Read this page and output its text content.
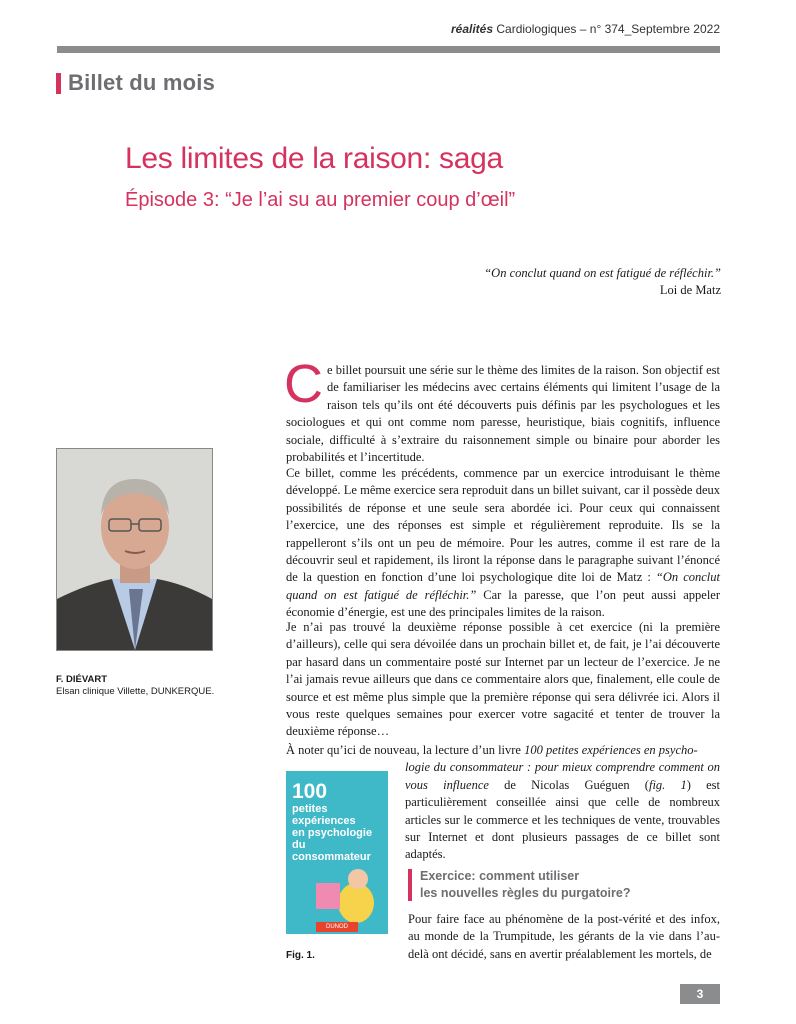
réalités Cardiologiques – n° 374_Septembre 2022
Billet du mois
Les limites de la raison: saga
Épisode 3: “Je l’ai su au premier coup d’œil”
“On conclut quand on est fatigué de réfléchir.”
Loi de Matz
F. DIÉVART
Elsan clinique Villette, DUNKERQUE.

Ce billet poursuit une série sur le thème des limites de la raison. Son objectif est de familiariser les médecins avec certains éléments qui limitent l’usage de la raison tels qu’ils ont été découverts puis définis par les psychologues et les sociologues et qui ont comme nom paresse, heuristique, biais cognitifs, influence sociale, difficulté à s’extraire du raisonnement simple ou binaire pour aborder les probabilités et l’incertitude.

Ce billet, comme les précédents, commence par un exercice introduisant le thème développé. Le même exercice sera reproduit dans un billet suivant, car il possède deux possibilités de réponse et une seule sera abordée ici. Pour ceux qui connaissent l’exercice, une des réponses est simple et régulièrement reproduite. Ils se la rappelleront s’ils ont un peu de mémoire. Pour les autres, comme il est rare de la découvrir seul et rapidement, ils liront la réponse dans le paragraphe suivant l’énoncé de la question en fonction d’une loi psychologique dite loi de Matz : “On conclut quand on est fatigué de réfléchir.” Car la paresse, que l’on peut aussi appeler économie d’énergie, est une des principales limites de la raison.

Je n’ai pas trouvé la deuxième réponse possible à cet exercice (ni la première d’ailleurs), celle qui sera dévoilée dans un prochain billet et, de fait, je l’ai découverte par hasard dans un commentaire posté sur Internet par un lecteur de l’exercice. Je ne l’ai jamais revue ailleurs que dans ce commentaire alors que, finalement, elle coule de source et est même plus simple que la première réponse qui sera délivrée ici. Alors il vous reste quelques semaines pour exercer votre sagacité et tenter de trouver la deuxième réponse…

À noter qu’ici de nouveau, la lecture d’un livre 100 petites expériences en psycho-

logie du consommateur : pour mieux comprendre comment on vous influence de Nicolas Guéguen (fig. 1) est particulièrement conseillée ainsi que celle de nombreux articles sur le commerce et les techniques de vente, trouvables sur Internet et dont plusieurs passages de ce billet sont adaptés.

100
petites
expériences
en psychologie
du consommateur
DUNOD
Fig. 1.
Exercice: comment utiliser
les nouvelles règles du purgatoire?
Pour faire face au phénomène de la post-vérité et des infox, au monde de la Trumpitude, les gérants de la vie dans l’au-delà ont décidé, sans en avertir préalablement les mortels, de
3
